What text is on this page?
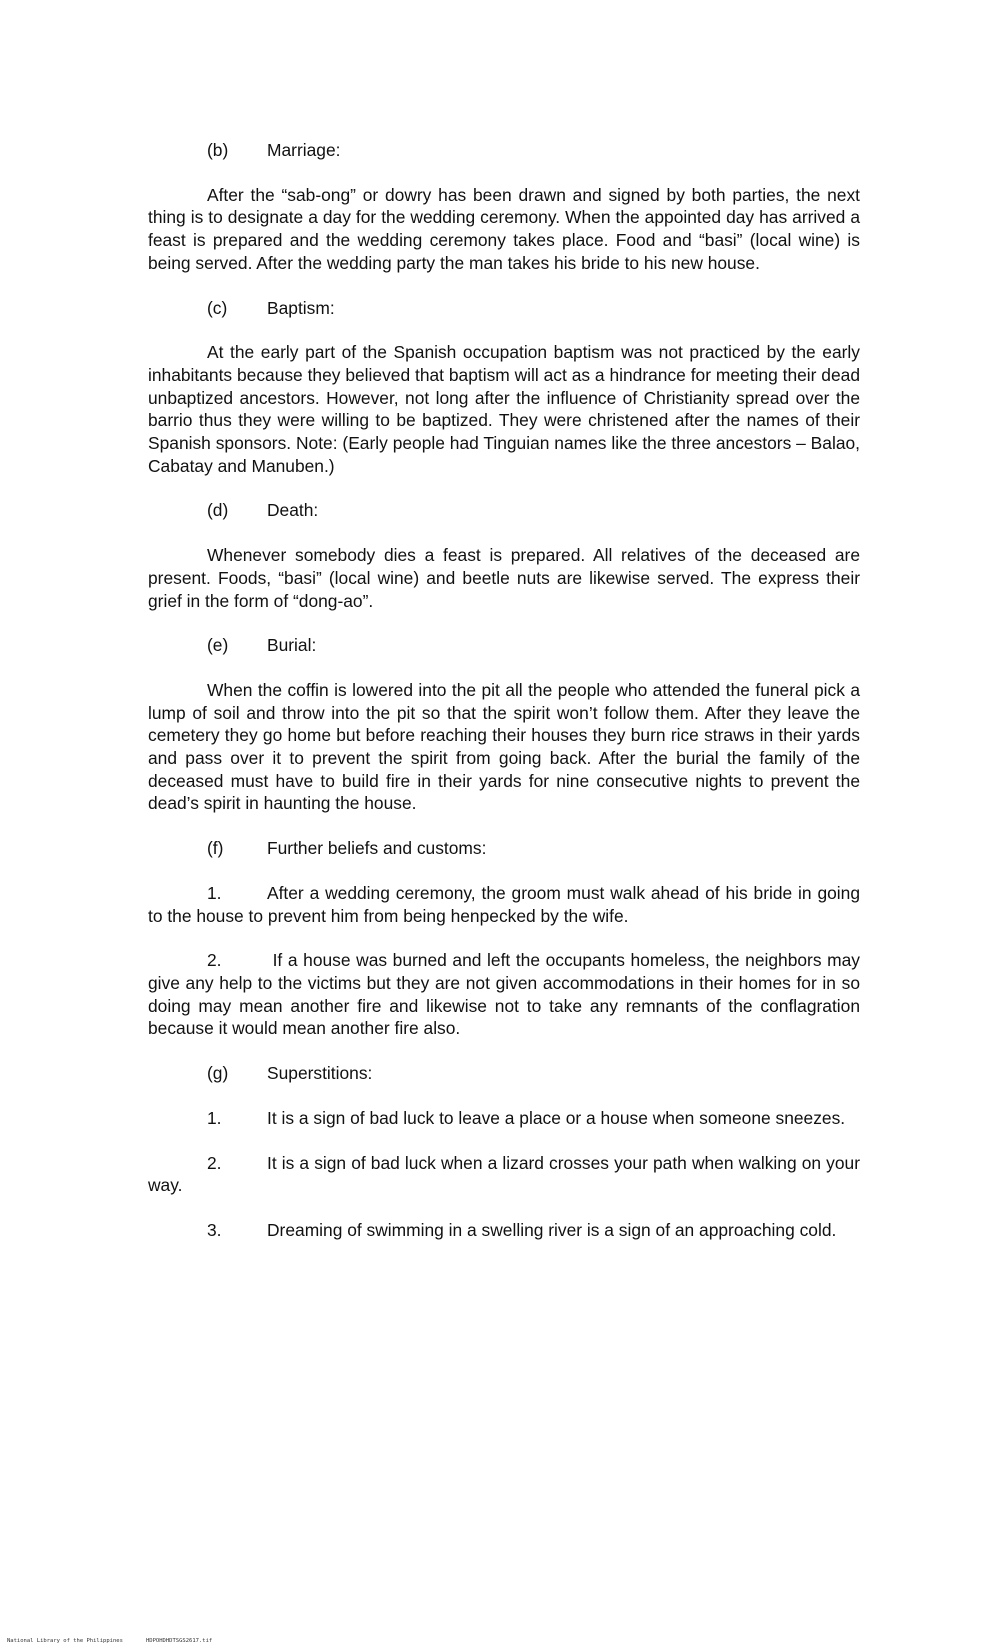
(b)	Marriage:

After the “sab-ong” or dowry has been drawn and signed by both parties, the next thing is to designate a day for the wedding ceremony. When the appointed day has arrived a feast is prepared and the wedding ceremony takes place. Food and “basi” (local wine) is being served. After the wedding party the man takes his bride to his new house.

(c)	Baptism:

At the early part of the Spanish occupation baptism was not practiced by the early inhabitants because they believed that baptism will act as a hindrance for meeting their dead unbaptized ancestors. However, not long after the influence of Christianity spread over the barrio thus they were willing to be baptized. They were christened after the names of their Spanish sponsors. Note: (Early people had Tinguian names like the three ancestors – Balao, Cabatay and Manuben.)

(d)	Death:

Whenever somebody dies a feast is prepared. All relatives of the deceased are present. Foods, “basi” (local wine) and beetle nuts are likewise served. The express their grief in the form of “dong-ao”.

(e)	Burial:

When the coffin is lowered into the pit all the people who attended the funeral pick a lump of soil and throw into the pit so that the spirit won’t follow them. After they leave the cemetery they go home but before reaching their houses they burn rice straws in their yards and pass over it to prevent the spirit from going back. After the burial the family of the deceased must have to build fire in their yards for nine consecutive nights to prevent the dead’s spirit in haunting the house.

(f)	Further beliefs and customs:

1.	After a wedding ceremony, the groom must walk ahead of his bride in going to the house to prevent him from being henpecked by the wife.

2.	If a house was burned and left the occupants homeless, the neighbors may give any help to the victims but they are not given accommodations in their homes for in so doing may mean another fire and likewise not to take any remnants of the conflagration because it would mean another fire also.

(g)	Superstitions:

1.	It is a sign of bad luck to leave a place or a house when someone sneezes.

2.	It is a sign of bad luck when a lizard crosses your path when walking on your way.

3.	Dreaming of swimming in a swelling river is a sign of an approaching cold.

National Library of the Philippines	HDPOHDHDTSGS2617.tif
